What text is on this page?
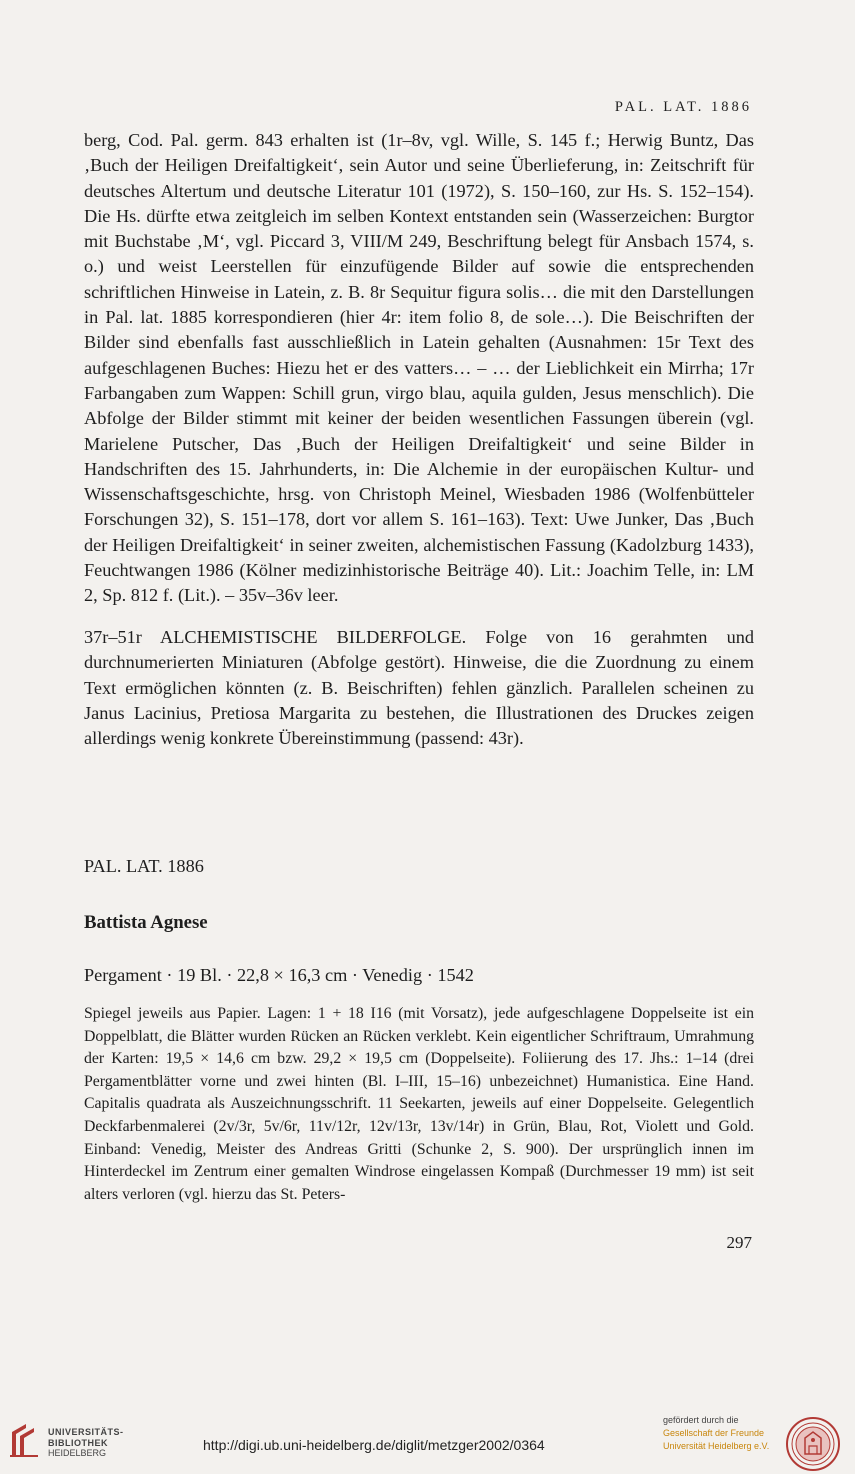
PAL. LAT. 1886
berg, Cod. Pal. germ. 843 erhalten ist (1r–8v, vgl. Wille, S. 145 f.; Herwig Buntz, Das ‚Buch der Heiligen Dreifaltigkeit‘, sein Autor und seine Überlieferung, in: Zeitschrift für deutsches Altertum und deutsche Literatur 101 (1972), S. 150–160, zur Hs. S. 152–154). Die Hs. dürfte etwa zeitgleich im selben Kontext entstanden sein (Wasserzeichen: Burgtor mit Buchstabe ‚M‘, vgl. Piccard 3, VIII/M 249, Beschriftung belegt für Ansbach 1574, s. o.) und weist Leerstellen für einzufügende Bilder auf sowie die entsprechenden schriftlichen Hinweise in Latein, z. B. 8r Sequitur figura solis… die mit den Darstellungen in Pal. lat. 1885 korrespondieren (hier 4r: item folio 8, de sole…). Die Beischriften der Bilder sind ebenfalls fast ausschließlich in Latein gehalten (Ausnahmen: 15r Text des aufgeschlagenen Buches: Hiezu het er des vatters… – … der Lieblichkeit ein Mirrha; 17r Farbangaben zum Wappen: Schill grun, virgo blau, aquila gulden, Jesus menschlich). Die Abfolge der Bilder stimmt mit keiner der beiden wesentlichen Fassungen überein (vgl. Marielene Putscher, Das ‚Buch der Heiligen Dreifaltigkeit‘ und seine Bilder in Handschriften des 15. Jahrhunderts, in: Die Alchemie in der europäischen Kultur- und Wissenschaftsgeschichte, hrsg. von Christoph Meinel, Wiesbaden 1986 (Wolfenbütteler Forschungen 32), S. 151–178, dort vor allem S. 161–163). Text: Uwe Junker, Das ‚Buch der Heiligen Dreifaltigkeit‘ in seiner zweiten, alchemistischen Fassung (Kadolzburg 1433), Feuchtwangen 1986 (Kölner medizinhistorische Beiträge 40). Lit.: Joachim Telle, in: LM 2, Sp. 812 f. (Lit.). – 35v–36v leer.
37r–51r ALCHEMISTISCHE BILDERFOLGE. Folge von 16 gerahmten und durchnumerierten Miniaturen (Abfolge gestört). Hinweise, die die Zuordnung zu einem Text ermöglichen könnten (z. B. Beischriften) fehlen gänzlich. Parallelen scheinen zu Janus Lacinius, Pretiosa Margarita zu bestehen, die Illustrationen des Druckes zeigen allerdings wenig konkrete Übereinstimmung (passend: 43r).
PAL. LAT. 1886
Battista Agnese
Pergament · 19 Bl. · 22,8 × 16,3 cm · Venedig · 1542
Spiegel jeweils aus Papier. Lagen: 1 + 18 I16 (mit Vorsatz), jede aufgeschlagene Doppelseite ist ein Doppelblatt, die Blätter wurden Rücken an Rücken verklebt. Kein eigentlicher Schriftraum, Umrahmung der Karten: 19,5 × 14,6 cm bzw. 29,2 × 19,5 cm (Doppelseite). Foliierung des 17. Jhs.: 1–14 (drei Pergamentblätter vorne und zwei hinten (Bl. I–III, 15–16) unbezeichnet) Humanistica. Eine Hand. Capitalis quadrata als Auszeichnungsschrift. 11 Seekarten, jeweils auf einer Doppelseite. Gelegentlich Deckfarbenmalerei (2v/3r, 5v/6r, 11v/12r, 12v/13r, 13v/14r) in Grün, Blau, Rot, Violett und Gold. Einband: Venedig, Meister des Andreas Gritti (Schunke 2, S. 900). Der ursprünglich innen im Hinterdeckel im Zentrum einer gemalten Windrose eingelassen Kompaß (Durchmesser 19 mm) ist seit alters verloren (vgl. hierzu das St. Peters-
297
UNIVERSITÄTS-
BIBLIOTHEK
HEIDELBERG	http://digi.ub.uni-heidelberg.de/diglit/metzger2002/0364
gefördert durch die
Gesellschaft der Freunde
Universität Heidelberg e.V.
